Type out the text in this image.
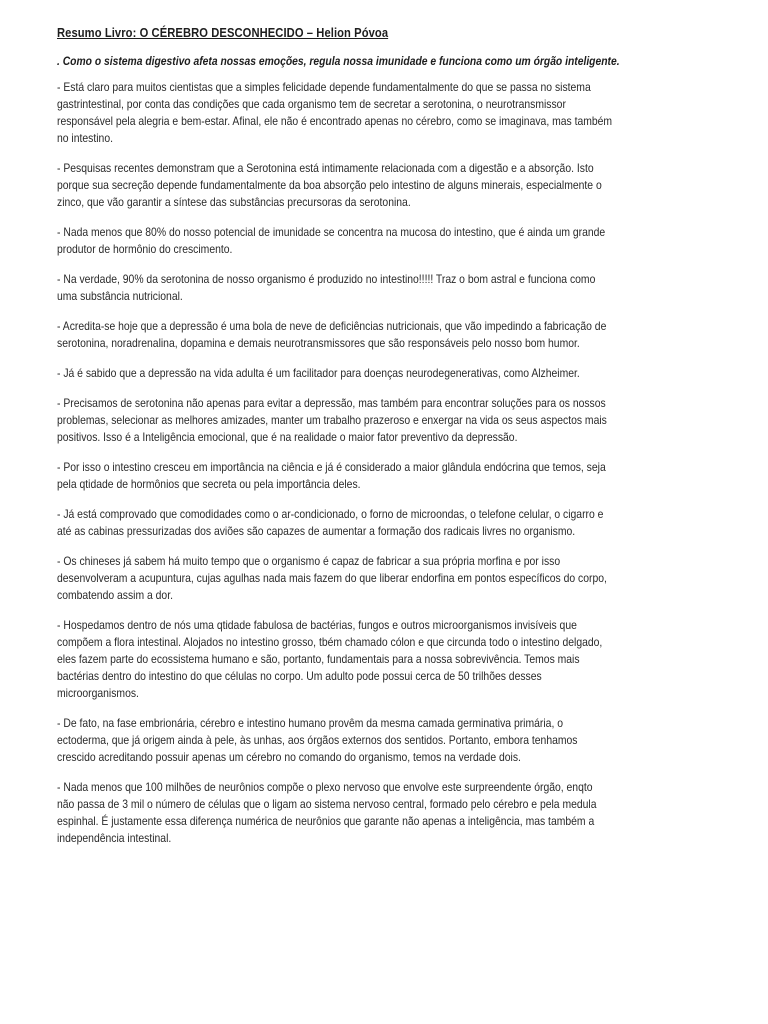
Resumo Livro: O CÉREBRO DESCONHECIDO – Helion Póvoa
. Como o sistema digestivo afeta nossas emoções, regula nossa imunidade e funciona como um órgão inteligente.
- Está claro para muitos cientistas que a simples felicidade depende fundamentalmente do que se passa no sistema
gastrintestinal, por conta das condições que cada organismo tem de secretar a serotonina, o neurotransmissor
responsável pela alegria e bem-estar. Afinal, ele não é encontrado apenas no cérebro, como se imaginava, mas também
no intestino.
- Pesquisas recentes demonstram que a Serotonina está intimamente relacionada com a digestão e a absorção. Isto
porque sua secreção depende fundamentalmente da boa absorção pelo intestino de alguns minerais, especialmente o
zinco, que vão garantir a síntese das substâncias precursoras da serotonina.
- Nada menos que 80% do nosso potencial de imunidade se concentra na mucosa do intestino, que é ainda um grande
produtor de hormônio do crescimento.
- Na verdade, 90% da serotonina de nosso organismo é produzido no intestino!!!!! Traz o bom astral e funciona como
uma substância nutricional.
- Acredita-se hoje que a depressão é uma bola de neve de deficiências nutricionais, que vão impedindo a fabricação de
serotonina, noradrenalina, dopamina e demais neurotransmissores que são responsáveis pelo nosso bom humor.
- Já é sabido que a depressão na vida adulta é um facilitador para doenças neurodegenerativas, como Alzheimer.
- Precisamos de serotonina não apenas para evitar a depressão, mas também para encontrar soluções para os nossos
problemas, selecionar as melhores amizades, manter um trabalho prazeroso e enxergar na vida os seus aspectos mais
positivos. Isso é a Inteligência emocional, que é na realidade o maior fator preventivo da depressão.
- Por isso o intestino cresceu em importância na ciência e já é considerado a maior glândula endócrina que temos, seja
pela qtidade de hormônios que secreta ou pela importância deles.
- Já está comprovado que comodidades como o ar-condicionado, o forno de microondas, o telefone celular, o cigarro e
até as cabinas pressurizadas dos aviões são capazes de aumentar a formação dos radicais livres no organismo.
- Os chineses já sabem há muito tempo que o organismo é capaz de fabricar a sua própria morfina e por isso
desenvolveram a acupuntura, cujas agulhas nada mais fazem do que liberar endorfina em pontos específicos do corpo,
combatendo assim a dor.
- Hospedamos dentro de nós uma qtidade fabulosa de bactérias, fungos e outros microorganismos invisíveis que
compõem a flora intestinal. Alojados no intestino grosso, tbém chamado cólon e que circunda todo o intestino delgado,
eles fazem parte do ecossistema humano e são, portanto, fundamentais para a nossa sobrevivência. Temos mais
bactérias dentro do intestino do que células no corpo. Um adulto pode possui cerca de 50 trilhões desses
microorganismos.
- De fato, na fase embrionária, cérebro e intestino humano provêm da mesma camada germinativa primária, o
ectoderma, que já origem ainda à pele, às unhas, aos órgãos externos dos sentidos. Portanto, embora tenhamos
crescido acreditando possuir apenas um cérebro no comando do organismo, temos na verdade dois.
- Nada menos que 100 milhões de neurônios compõe o plexo nervoso que envolve este surpreendente órgão, enqto
não passa de 3 mil o número de células que o ligam ao sistema nervoso central, formado pelo cérebro e pela medula
espinhal. É justamente essa diferença numérica de neurônios que garante não apenas a inteligência, mas também a
independência intestinal.
